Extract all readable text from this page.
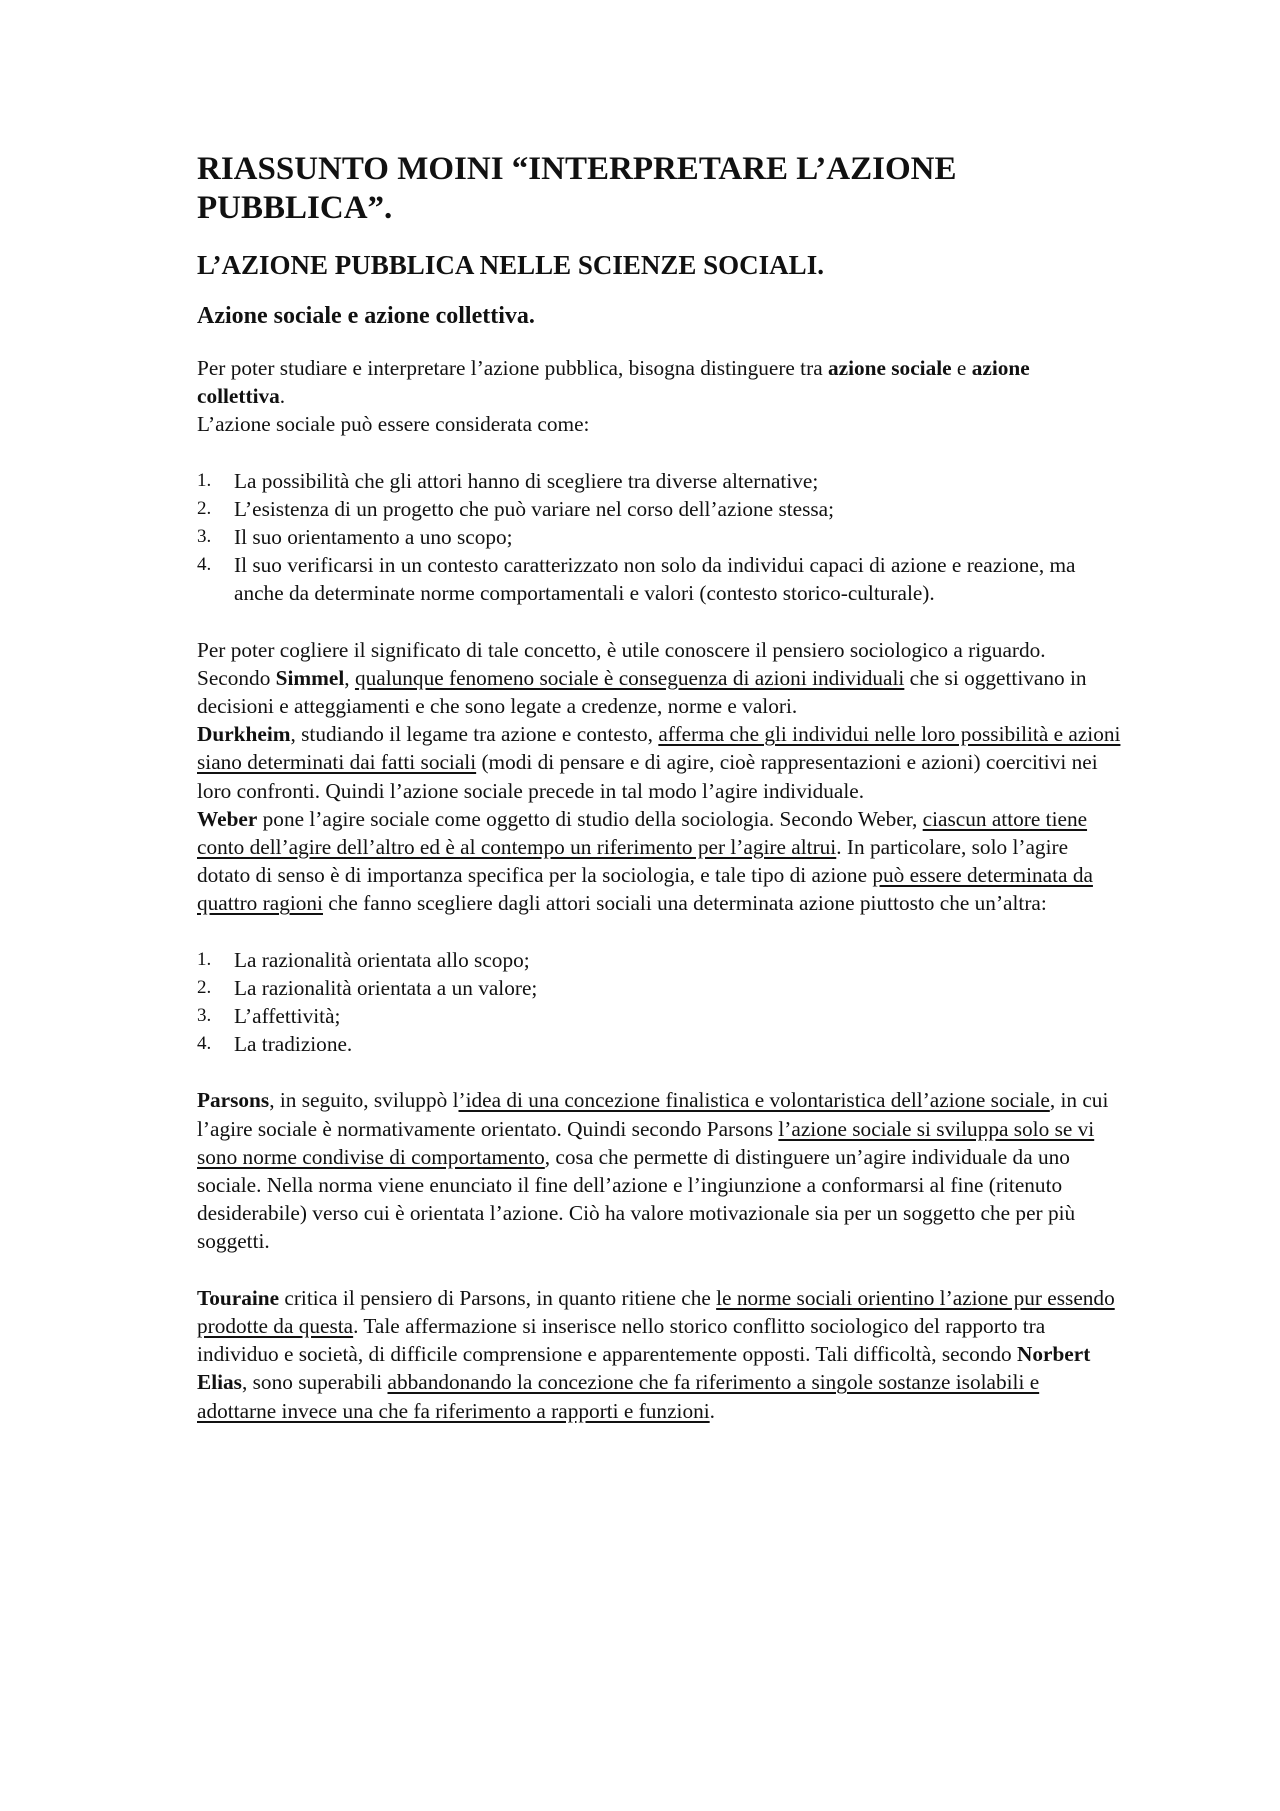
RIASSUNTO MOINI “INTERPRETARE L’AZIONE PUBBLICA”.
L’AZIONE PUBBLICA NELLE SCIENZE SOCIALI.
Azione sociale e azione collettiva.

Per poter studiare e interpretare l’azione pubblica, bisogna distinguere tra azione sociale e azione collettiva.
L’azione sociale può essere considerata come:

1. La possibilità che gli attori hanno di scegliere tra diverse alternative;
2. L’esistenza di un progetto che può variare nel corso dell’azione stessa;
3. Il suo orientamento a uno scopo;
4. Il suo verificarsi in un contesto caratterizzato non solo da individui capaci di azione e reazione, ma anche da determinate norme comportamentali e valori (contesto storico-culturale).

Per poter cogliere il significato di tale concetto, è utile conoscere il pensiero sociologico a riguardo. Secondo Simmel, qualunque fenomeno sociale è conseguenza di azioni individuali che si oggettivano in decisioni e atteggiamenti e che sono legate a credenze, norme e valori.

Durkheim, studiando il legame tra azione e contesto, afferma che gli individui nelle loro possibilità e azioni siano determinati dai fatti sociali (modi di pensare e di agire, cioè rappresentazioni e azioni) coercitivi nei loro confronti. Quindi l’azione sociale precede in tal modo l’agire individuale.

Weber pone l’agire sociale come oggetto di studio della sociologia. Secondo Weber, ciascun attore tiene conto dell’agire dell’altro ed è al contempo un riferimento per l’agire altrui. In particolare, solo l’agire dotato di senso è di importanza specifica per la sociologia, e tale tipo di azione può essere determinata da quattro ragioni che fanno scegliere dagli attori sociali una determinata azione piuttosto che un’altra:

1. La razionalità orientata allo scopo;
2. La razionalità orientata a un valore;
3. L’affettività;
4. La tradizione.

Parsons, in seguito, sviluppò l’idea di una concezione finalistica e volontaristica dell’azione sociale, in cui l’agire sociale è normativamente orientato. Quindi secondo Parsons l’azione sociale si sviluppa solo se vi sono norme condivise di comportamento, cosa che permette di distinguere un’agire individuale da uno sociale. Nella norma viene enunciato il fine dell’azione e l’ingiunzione a conformarsi al fine (ritenuto desiderabile) verso cui è orientata l’azione. Ciò ha valore motivazionale sia per un soggetto che per più soggetti.

Touraine critica il pensiero di Parsons, in quanto ritiene che le norme sociali orientino l’azione pur essendo prodotte da questa. Tale affermazione si inserisce nello storico conflitto sociologico del rapporto tra individuo e società, di difficile comprensione e apparentemente opposti. Tali difficoltà, secondo Norbert Elias, sono superabili abbandonando la concezione che fa riferimento a singole sostanze isolabili e adottarne invece una che fa riferimento a rapporti e funzioni.
